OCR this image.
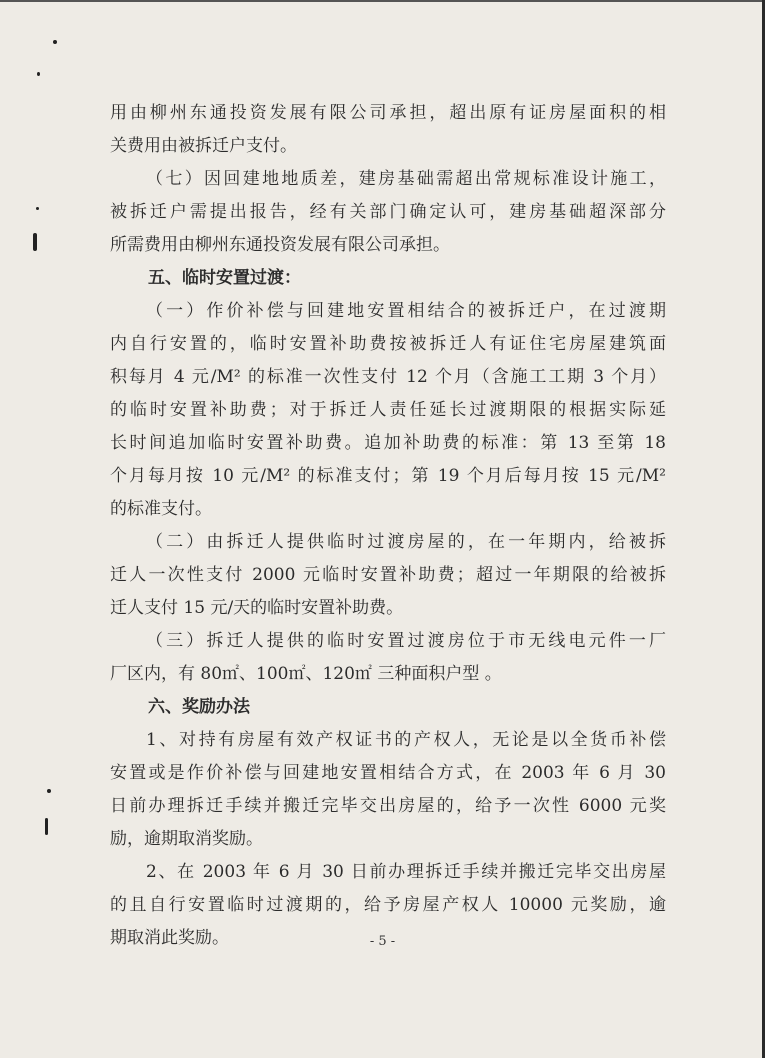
用由柳州东通投资发展有限公司承担，超出原有证房屋面积的相
关费用由被拆迁户支付。
（七）因回建地地质差，建房基础需超出常规标准设计施工，
被拆迁户需提出报告，经有关部门确定认可，建房基础超深部分
所需费用由柳州东通投资发展有限公司承担。
五、临时安置过渡：
（一）作价补偿与回建地安置相结合的被拆迁户，在过渡期
内自行安置的，临时安置补助费按被拆迁人有证住宅房屋建筑面
积每月 4 元/M² 的标准一次性支付 12 个月（含施工工期 3 个月）
的临时安置补助费；对于拆迁人责任延长过渡期限的根据实际延
长时间追加临时安置补助费。追加补助费的标准：第 13 至第 18
个月每月按 10 元/M² 的标准支付；第 19 个月后每月按 15 元/M²
的标准支付。
（二）由拆迁人提供临时过渡房屋的，在一年期内，给被拆
迁人一次性支付 2000 元临时安置补助费；超过一年期限的给被拆
迁人支付 15 元/天的临时安置补助费。
（三）拆迁人提供的临时安置过渡房位于市无线电元件一厂
厂区内，有 80㎡、100㎡、120㎡ 三种面积户型 。
六、奖励办法
1、对持有房屋有效产权证书的产权人，无论是以全货币补偿
安置或是作价补偿与回建地安置相结合方式，在 2003 年 6 月 30
日前办理拆迁手续并搬迁完毕交出房屋的，给予一次性 6000 元奖
励，逾期取消奖励。
2、在 2003 年 6 月 30 日前办理拆迁手续并搬迁完毕交出房屋
的且自行安置临时过渡期的，给予房屋产权人 10000 元奖励，逾
期取消此奖励。	- 5 -
